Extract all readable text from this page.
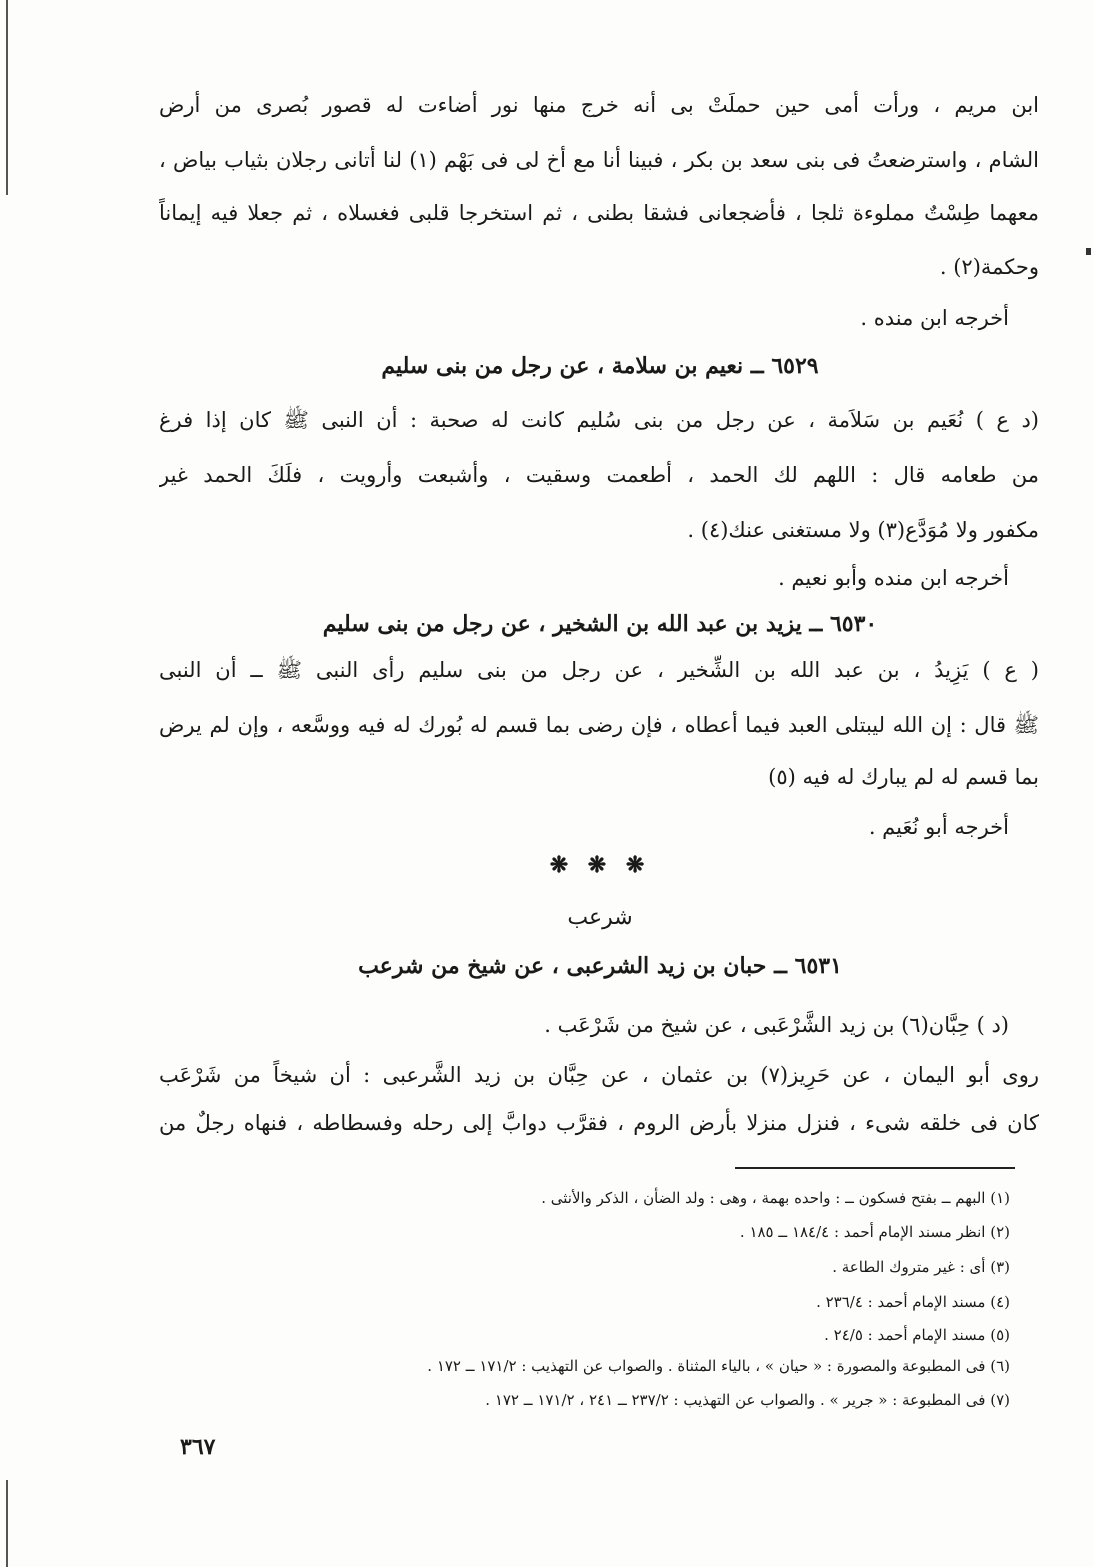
ابن مريم ، ورأت أمى حين حملَتْ بى أنه خرج منها نور أضاءت له قصور بُصرى من أرض
الشام ، واسترضعتُ فى بنى سعد بن بكر ، فبينا أنا مع أخ لى فى بَهْم (١) لنا أتانى رجلان بثياب بياض ،
معهما طِسْتٌ مملوءة ثلجا ، فأضجعانى فشقا بطنى ، ثم استخرجا قلبى فغسلاه ، ثم جعلا فيه إيماناً
وحكمة(٢) .
أخرجه ابن منده .
٦٥٢٩ ــ نعيم بن سلامة ، عن رجل من بنى سليم
(د ع ) نُعَيم بن سَلاَمة ، عن رجل من بنى سُليم كانت له صحبة : أن النبى ﷺ كان إذا فرغ
من طعامه قال : اللهم لك الحمد ، أطعمت وسقيت ، وأشبعت وأرويت ، فلَكَ الحمد غير
مكفور ولا مُوَدَّع(٣) ولا مستغنى عنك(٤) .
أخرجه ابن منده وأبو نعيم .
٦٥٣٠ ــ يزيد بن عبد الله بن الشخير ، عن رجل من بنى سليم
( ع ) يَزِيدُ ، بن عبد الله بن الشِّخير ، عن رجل من بنى سليم رأى النبى ﷺ ــ أن النبى
ﷺ قال : إن الله ليبتلى العبد فيما أعطاه ، فإن رضى بما قسم له بُورك له فيه ووسَّعه ، وإن لم يرض
بما قسم له لم يبارك له فيه (٥)
أخرجه أبو نُعَيم .
❋ ❋ ❋
شرعب
٦٥٣١ ــ حبان بن زيد الشرعبى ، عن شيخ من شرعب
(د ) حِبَّان(٦) بن زيد الشَّرْعَبى ، عن شيخ من شَرْعَب .
روى أبو اليمان ، عن حَرِيز(٧) بن عثمان ، عن حِبَّان بن زيد الشَّرعبى : أن شيخاً من شَرْعَب
كان فى خلقه شىء ، فنزل منزلا بأرض الروم ، فقرَّب دوابَّ إلى رحله وفسطاطه ، فنهاه رجلٌ من
(١) البهم ــ بفتح فسكون ــ : واحده بهمة ، وهى : ولد الضأن ، الذكر والأنثى .
(٢) انظر مسند الإمام أحمد : ١٨٤/٤ ــ ١٨٥ .
(٣) أى : غير متروك الطاعة .
(٤) مسند الإمام أحمد : ٢٣٦/٤ .
(٥) مسند الإمام أحمد : ٢٤/٥ .
(٦) فى المطبوعة والمصورة : « حيان » ، بالياء المثناة . والصواب عن التهذيب : ١٧١/٢ ــ ١٧٢ .
(٧) فى المطبوعة : « جرير » . والصواب عن التهذيب : ٢٣٧/٢ ــ ٢٤١ ، ١٧١/٢ ــ ١٧٢ .
٣٦٧
